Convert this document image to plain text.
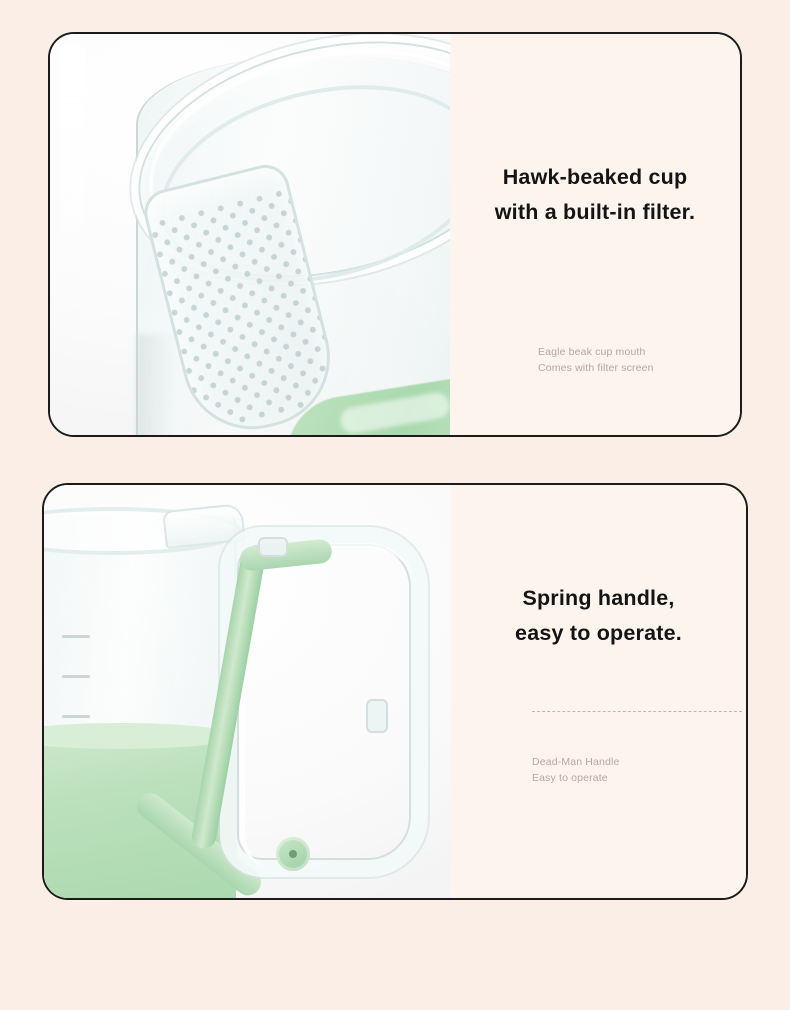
Hawk-beaked cup
with a built-in filter.
Eagle beak cup mouth
Comes with filter screen
Spring handle,
easy to operate.
Dead-Man Handle
Easy to operate
